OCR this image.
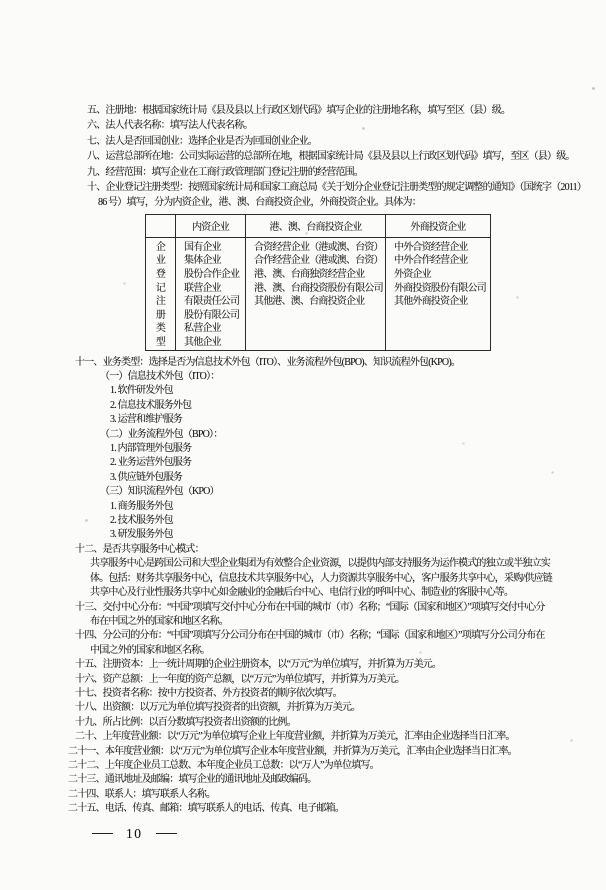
五、注册地：根据国家统计局《县及县以上行政区划代码》填写企业的注册地名称，填写至区（县）级。
六、法人代表名称：填写法人代表名称。
七、法人是否回国创业：选择企业是否为回国创业企业。
八、运营总部所在地：公司实际运营的总部所在地，根据国家统计局《县及县以上行政区划代码》填写，至区（县）级。
九、经营范围：填写企业在工商行政管理部门登记注册的经营范围。
十、企业登记注册类型：按照国家统计局和国家工商总局《关于划分企业登记注册类型的规定调整的通知》（国统字（2011）
86 号）填写，分为内资企业，港、澳、台商投资企业，外商投资企业。具体为：
	内资企业	港、澳、台商投资企业	外商投资企业
企	国有企业	合资经营企业（港或澳、台资）	中外合资经营企业
业	集体企业	合作经营企业（港或澳、台资）	中外合作经营企业
登	股份合作企业	港、澳、台商独资经营企业	外资企业
记	联营企业	港、澳、台商投资股份有限公司	外商投资股份有限公司
注	有限责任公司	其他港、澳、台商投资企业	其他外商投资企业
册	股份有限公司		
类	私营企业		
型	其他企业		
十一、业务类型：选择是否为信息技术外包（ITO）、业务流程外包(BPO)、知识流程外包(KPO)。
（一）信息技术外包（ITO）：
1. 软件研发外包
2. 信息技术服务外包
3. 运营和维护服务
（二）业务流程外包（BPO）：
1. 内部管理外包服务
2. 业务运营外包服务
3. 供应链外包服务
（三）知识流程外包（KPO）
1. 商务服务外包
2. 技术服务外包
3. 研发服务外包
十二、是否共享服务中心模式：
共享服务中心是跨国公司和大型企业集团为有效整合企业资源，以提供内部支持服务为运作模式的独立或半独立实
体。包括：财务共享服务中心，信息技术共享服务中心，人力资源共享服务中心，客户服务共享中心，采购/供应链
共享中心及行业性服务共享中心如金融业的金融后台中心、电信行业的呼叫中心、制造业的客服中心等。
十三、交付中心分布：“中国”项填写交付中心分布在中国的城市（市）名称；“国际（国家和地区）”项填写交付中心分
布在中国之外的国家和地区名称。
十四、分公司的分布：“中国”项填写分公司分布在中国的城市（市）名称；“国际（国家和地区）”项填写分公司分布在
中国之外的国家和地区名称。
十五、注册资本：上一统计周期的企业注册资本，以“万元”为单位填写，并折算为万美元。
十六、资产总额：上一年度的资产总额，以“万元”为单位填写，并折算为万美元。
十七、投资者名称：按中方投资者、外方投资者的顺序依次填写。
十八、出资额：以万元为单位填写投资者的出资额，并折算为万美元。
十九、所占比例：以百分数填写投资者出资额的比例。
二十、上年度营业额：以“万元”为单位填写企业上年度营业额，并折算为万美元，汇率由企业选择当日汇率。
二十一、本年度营业额：以“万元”为单位填写企业本年度营业额，并折算为万美元，汇率由企业选择当日汇率。
二十二、上年度企业员工总数、本年度企业员工总数：以“万人”为单位填写。
二十三、通讯地址及邮编：填写企业的通讯地址及邮政编码。
二十四、联系人：填写联系人名称。
二十五、电话、传真、邮箱：填写联系人的电话、传真、电子邮箱。
10
